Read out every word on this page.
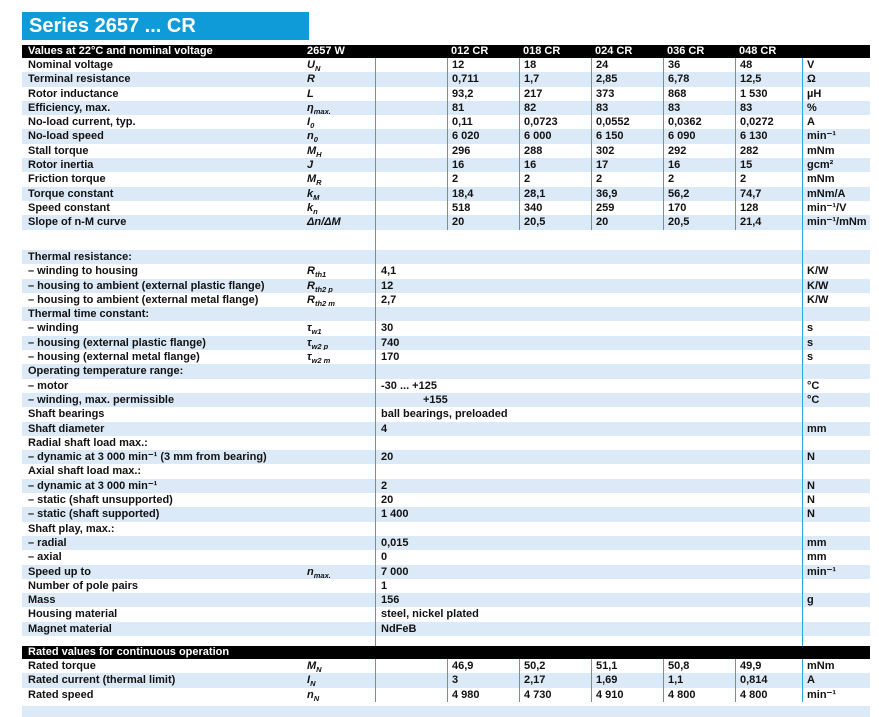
Series 2657 ... CR
Values at 22°C and nominal voltage	2657 W	012 CR	018 CR	024 CR	036 CR	048 CR
Nominal voltage	$U_N$	12	18	24	36	48	V
Terminal resistance	R	0,711	1,7	2,85	6,78	12,5	Ω
Rotor inductance	L	93,2	217	373	868	1 530	µH
Efficiency, max.	$\eta_{max.}$	81	82	83	83	83	%
No-load current, typ.	$I_0$	0,11	0,0723	0,0552	0,0362	0,0272	A
No-load speed	$n_0$	6 020	6 000	6 150	6 090	6 130	min⁻¹
Stall torque	$M_H$	296	288	302	292	282	mNm
Rotor inertia	J	16	16	17	16	15	gcm²
Friction torque	$M_R$	2	2	2	2	2	mNm
Torque constant	$k_M$	18,4	28,1	36,9	56,2	74,7	mNm/A
Speed constant	$k_n$	518	340	259	170	128	min⁻¹/V
Slope of n-M curve	Δn/ΔM	20	20,5	20	20,5	21,4	min⁻¹/mNm
Thermal resistance:
– winding to housing	$R_{th1}$	4,1	K/W
– housing to ambient (external plastic flange)	$R_{th2 p}$	12	K/W
– housing to ambient (external metal flange)	$R_{th2 m}$	2,7	K/W
Thermal time constant:
– winding	$\tau_{w1}$	30	s
– housing (external plastic flange)	$\tau_{w2 p}$	740	s
– housing (external metal flange)	$\tau_{w2 m}$	170	s
Operating temperature range:
– motor	-30 ... +125	°C
– winding, max. permissible	+155	°C
Shaft bearings	ball bearings, preloaded
Shaft diameter	4	mm
Radial shaft load max.:
– dynamic at 3 000 min⁻¹ (3 mm from bearing)	20	N
Axial shaft load max.:
– dynamic at 3 000 min⁻¹	2	N
– static (shaft unsupported)	20	N
– static (shaft supported)	1 400	N
Shaft play, max.:
– radial	0,015	mm
– axial	0	mm
Speed up to	$n_{max.}$	7 000	min⁻¹
Number of pole pairs	1
Mass	156	g
Housing material	steel, nickel plated
Magnet material	NdFeB
Rated values for continuous operation
Rated torque	$M_N$	46,9	50,2	51,1	50,8	49,9	mNm
Rated current (thermal limit)	$I_N$	3	2,17	1,69	1,1	0,814	A
Rated speed	$n_N$	4 980	4 730	4 910	4 800	4 800	min⁻¹
